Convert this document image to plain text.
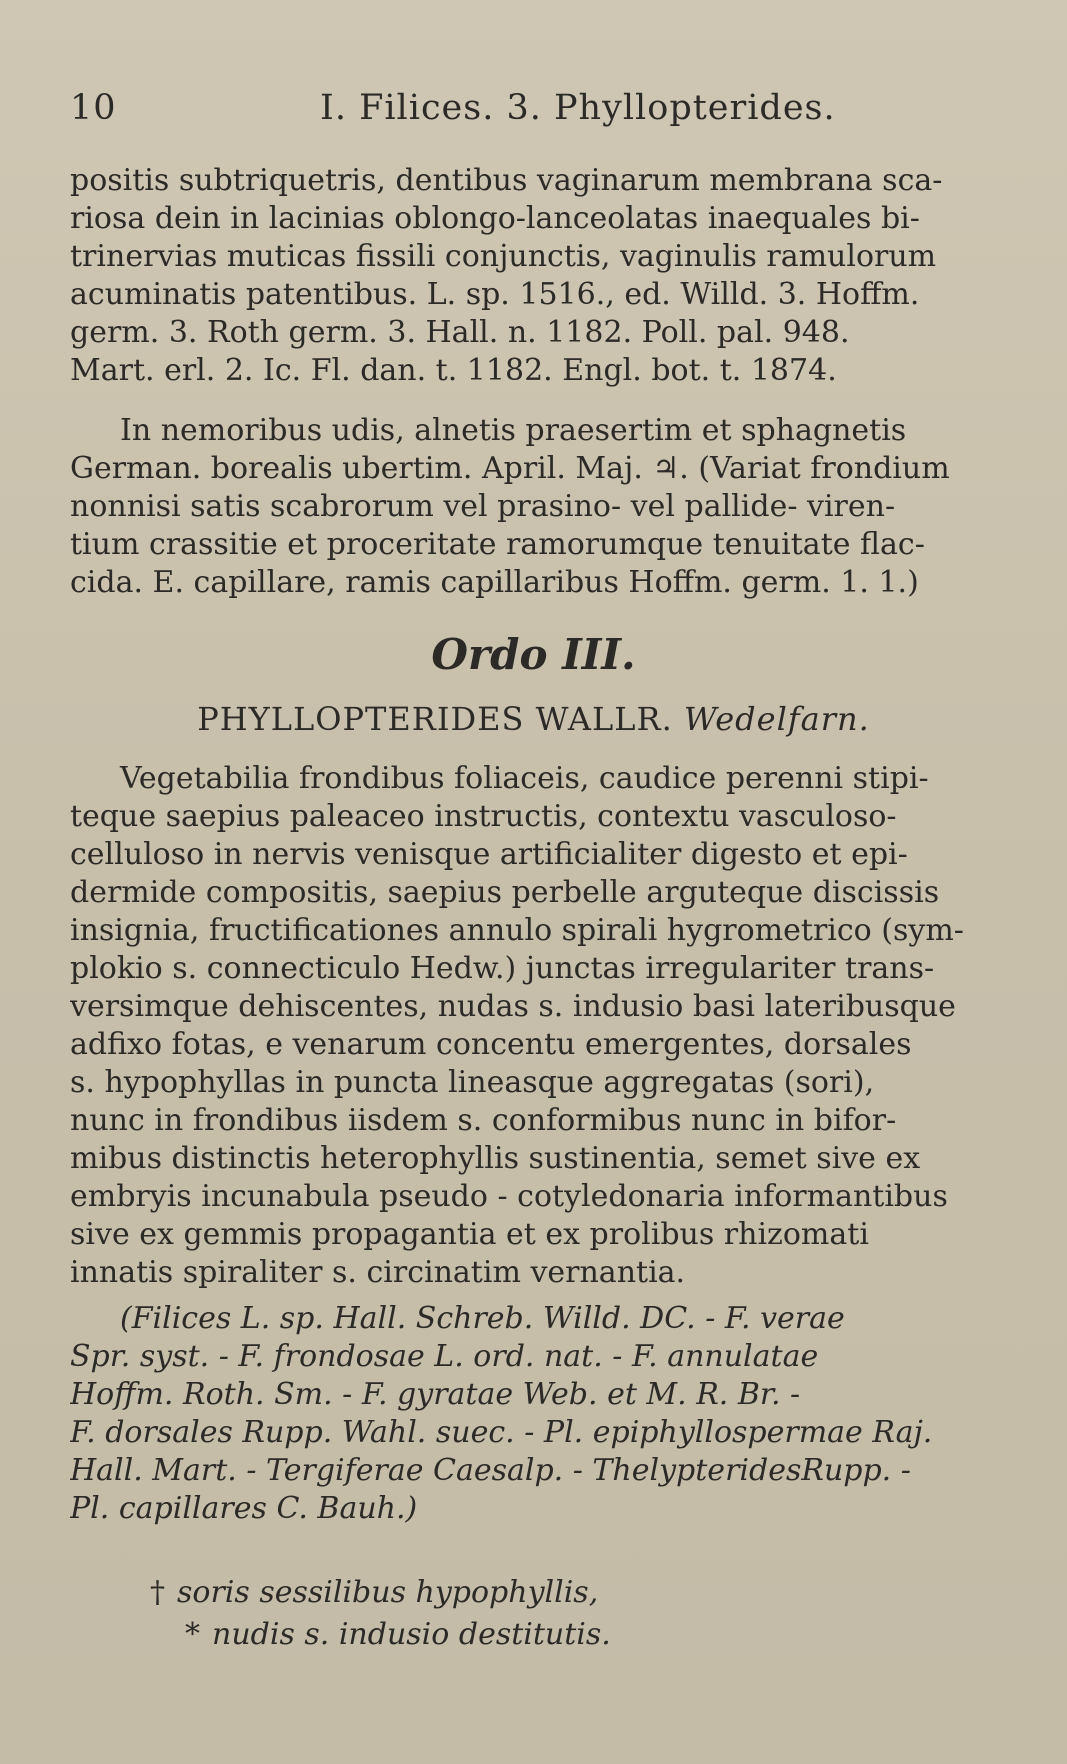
10	I. Filices. 3. Phyllopterides.
positis subtriquetris, dentibus vaginarum membrana sca-
riosa dein in lacinias oblongo-lanceolatas inaequales bi-
trinervias muticas fissili conjunctis, vaginulis ramulorum
acuminatis patentibus. L. sp. 1516., ed. Willd. 3. Hoffm.
germ. 3. Roth germ. 3. Hall. n. 1182. Poll. pal. 948.
Mart. erl. 2. Ic. Fl. dan. t. 1182. Engl. bot. t. 1874.
In nemoribus udis, alnetis praesertim et sphagnetis
German. borealis ubertim. April. Maj. ♃. (Variat frondium
nonnisi satis scabrorum vel prasino- vel pallide- viren-
tium crassitie et proceritate ramorumque tenuitate flac-
cida. E. capillare, ramis capillaribus Hoffm. germ. 1. 1.)
Ordo III.
PHYLLOPTERIDES WALLR. Wedelfarn.
Vegetabilia frondibus foliaceis, caudice perenni stipi-
teque saepius paleaceo instructis, contextu vasculoso-
celluloso in nervis venisque artificialiter digesto et epi-
dermide compositis, saepius perbelle arguteque discissis
insignia, fructificationes annulo spirali hygrometrico (sym-
plokio s. connecticulo Hedw.) junctas irregulariter trans-
versimque dehiscentes, nudas s. indusio basi lateribusque
adfixo fotas, e venarum concentu emergentes, dorsales
s. hypophyllas in puncta lineasque aggregatas (sori),
nunc in frondibus iisdem s. conformibus nunc in bifor-
mibus distinctis heterophyllis sustinentia, semet sive ex
embryis incunabula pseudo - cotyledonaria informantibus
sive ex gemmis propagantia et ex prolibus rhizomati
innatis spiraliter s. circinatim vernantia.
(Filices L. sp. Hall. Schreb. Willd. DC. - F. verae
Spr. syst. - F. frondosae L. ord. nat. - F. annulatae
Hoffm. Roth. Sm. - F. gyratae Web. et M. R. Br. -
F. dorsales Rupp. Wahl. suec. - Pl. epiphyllospermae Raj.
Hall. Mart. - Tergiferae Caesalp. - ThelypteridesRupp. -
Pl. capillares C. Bauh.)
† soris sessilibus hypophyllis,
* nudis s. indusio destitutis.
